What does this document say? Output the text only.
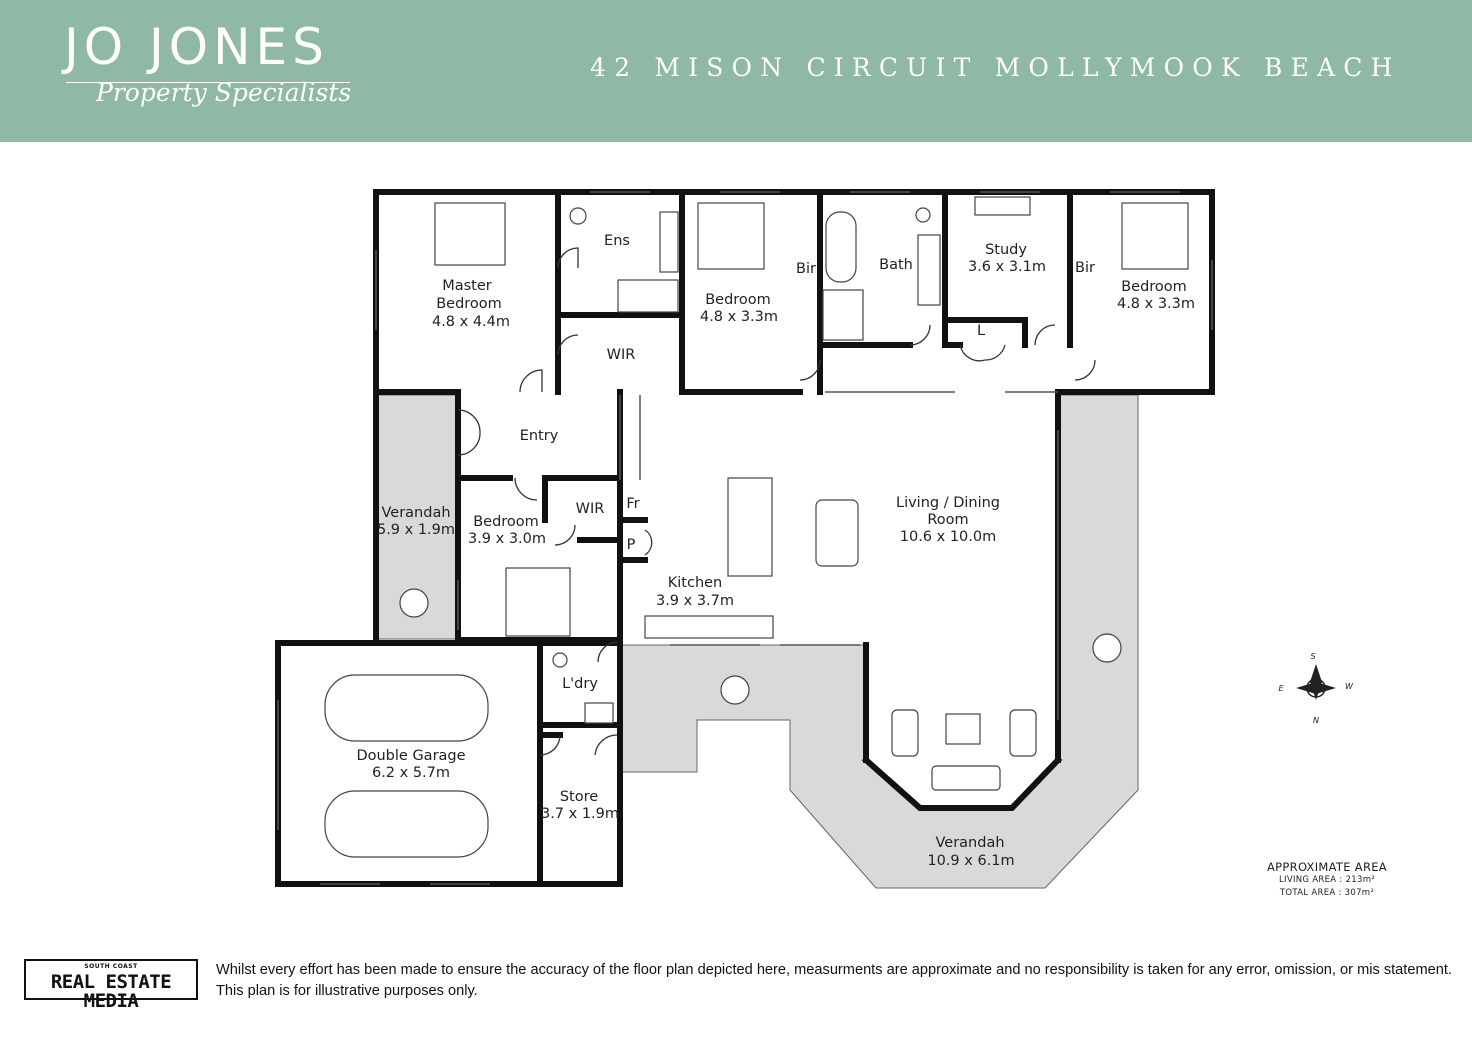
JO JONES
Property Specialists
42 MISON CIRCUIT MOLLYMOOK BEACH
Master
Bedroom
4.8 x 4.4m
Ens
WIR
Bedroom
4.8 x 3.3m
Bir	Bath
Study
3.6 x 3.1m
L
Bir
Bedroom
4.8 x 3.3m
Entry
Verandah
5.9 x 1.9m Bedroom
3.9 x 3.0m
WIR Fr
P
Kitchen
3.9 x 3.7m
Living / Dining
Room
10.6 x 10.0m
L'dry
Double Garage
6.2 x 5.7m
Store
3.7 x 1.9m
Verandah
10.9 x 6.1m
S
N
E	W
APPROXIMATE AREA
LIVING AREA : 213m²
TOTAL AREA : 307m²
SOUTH COAST
REAL ESTATE MEDIA
Whilst every effort has been made to ensure the accuracy of the floor plan depicted here, measurments are approximate and no responsibility is taken for any error, omission, or mis statement. This plan is for illustrative purposes only.
